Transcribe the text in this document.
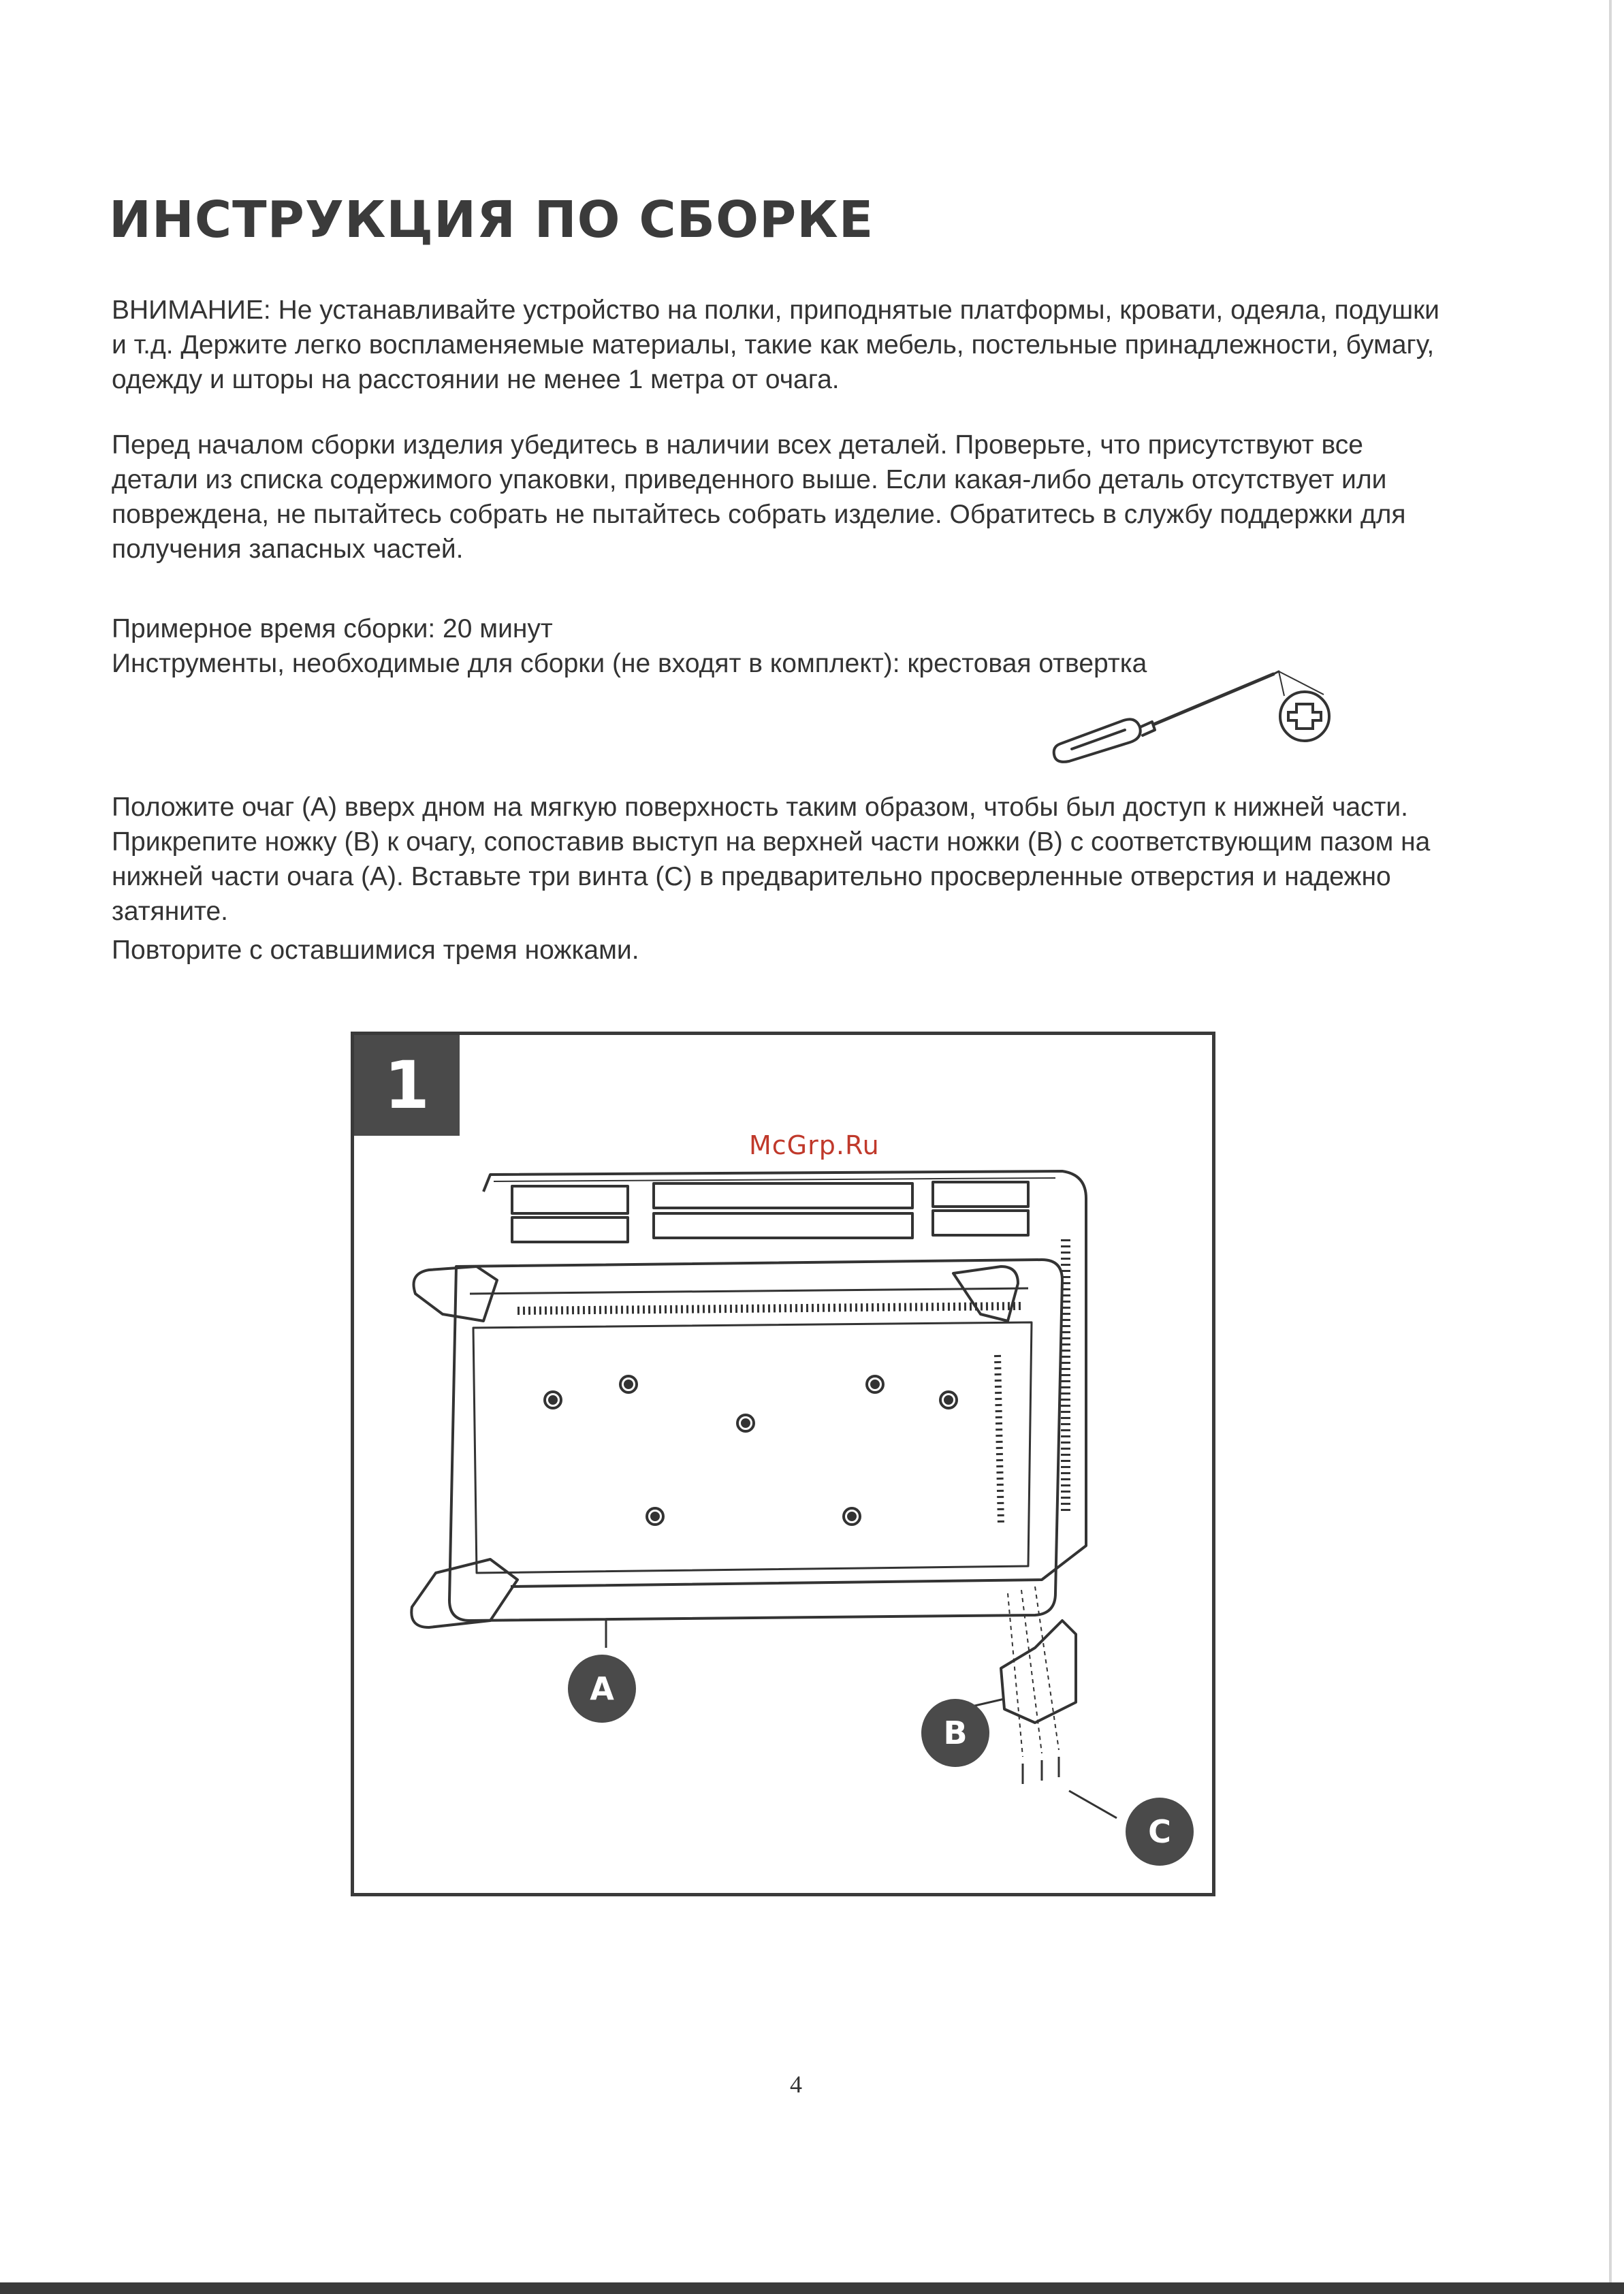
ИНСТРУКЦИЯ ПО СБОРКЕ

ВНИМАНИЕ: Не устанавливайте устройство на полки, приподнятые платформы, кровати, одеяла, подушки и т.д. Держите легко воспламеняемые материалы, такие как мебель, постельные принадлежности, бумагу, одежду и шторы на расстоянии не менее 1 метра от очага.

Перед началом сборки изделия убедитесь в наличии всех деталей. Проверьте, что присутствуют все детали из списка содержимого упаковки, приведенного выше. Если какая-либо деталь отсутствует или повреждена, не пытайтесь собрать не пытайтесь собрать изделие. Обратитесь в службу поддержки для получения запасных частей.

Примерное время сборки: 20 минут

Инструменты, необходимые для сборки (не входят в комплект): крестовая отвертка

Положите очаг (А) вверх дном на мягкую поверхность таким образом, чтобы был доступ к нижней части. Прикрепите ножку (В) к очагу, сопоставив выступ на верхней части ножки (В) с соответствующим пазом на нижней части очага (А). Вставьте три винта (С) в предварительно просверленные отверстия и надежно затяните.

Повторите с оставшимися тремя ножками.

1
McGrp.Ru
A
B
C
4
